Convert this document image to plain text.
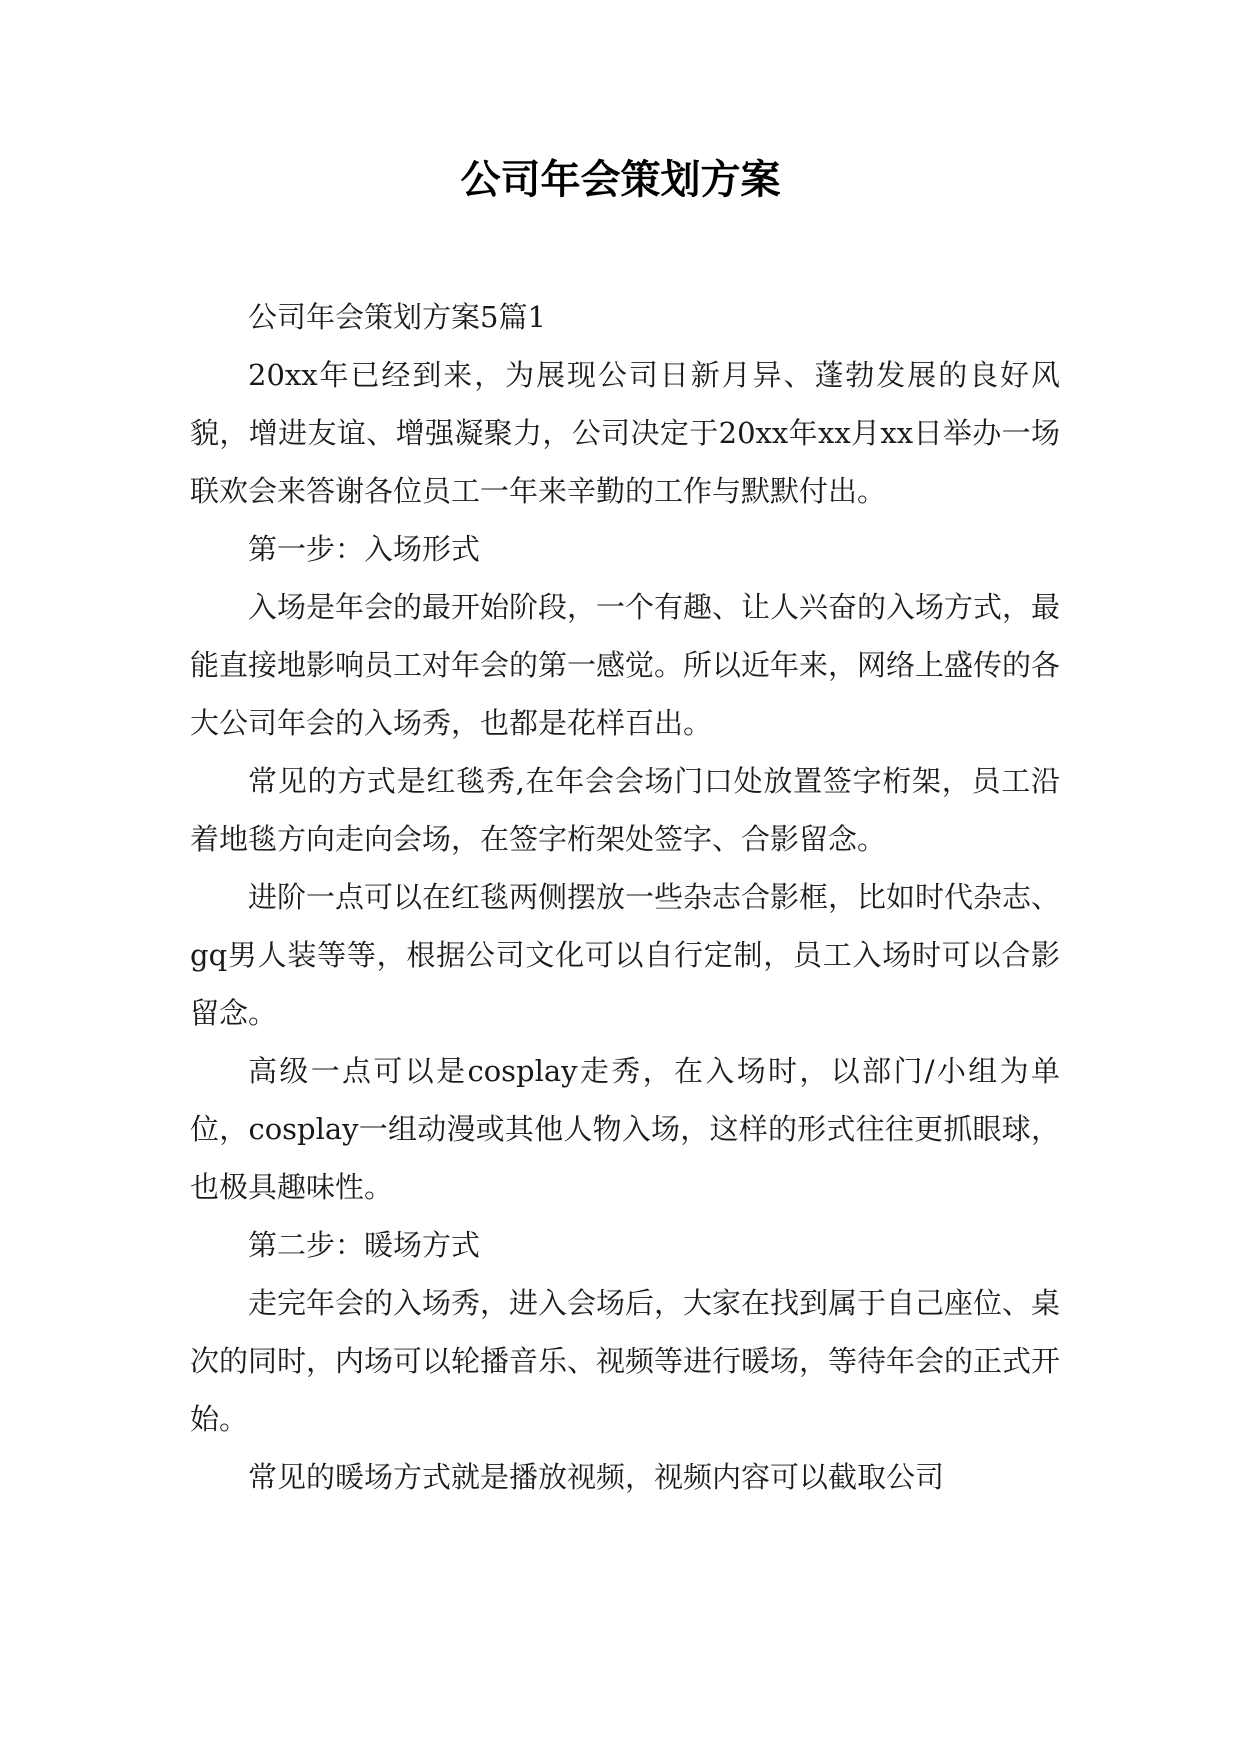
公司年会策划方案

公司年会策划方案5篇1

20xx年已经到来，为展现公司日新月异、蓬勃发展的良好风貌，增进友谊、增强凝聚力，公司决定于20xx年xx月xx日举办一场联欢会来答谢各位员工一年来辛勤的工作与默默付出。

第一步：入场形式

入场是年会的最开始阶段，一个有趣、让人兴奋的入场方式，最能直接地影响员工对年会的第一感觉。所以近年来，网络上盛传的各大公司年会的入场秀，也都是花样百出。

常见的方式是红毯秀,在年会会场门口处放置签字桁架，员工沿着地毯方向走向会场，在签字桁架处签字、合影留念。

进阶一点可以在红毯两侧摆放一些杂志合影框，比如时代杂志、gq男人装等等，根据公司文化可以自行定制，员工入场时可以合影留念。

高级一点可以是cosplay走秀，在入场时，以部门/小组为单位，cosplay一组动漫或其他人物入场，这样的形式往往更抓眼球，也极具趣味性。

第二步：暖场方式

走完年会的入场秀，进入会场后，大家在找到属于自己座位、桌次的同时，内场可以轮播音乐、视频等进行暖场，等待年会的正式开始。

常见的暖场方式就是播放视频，视频内容可以截取公司
